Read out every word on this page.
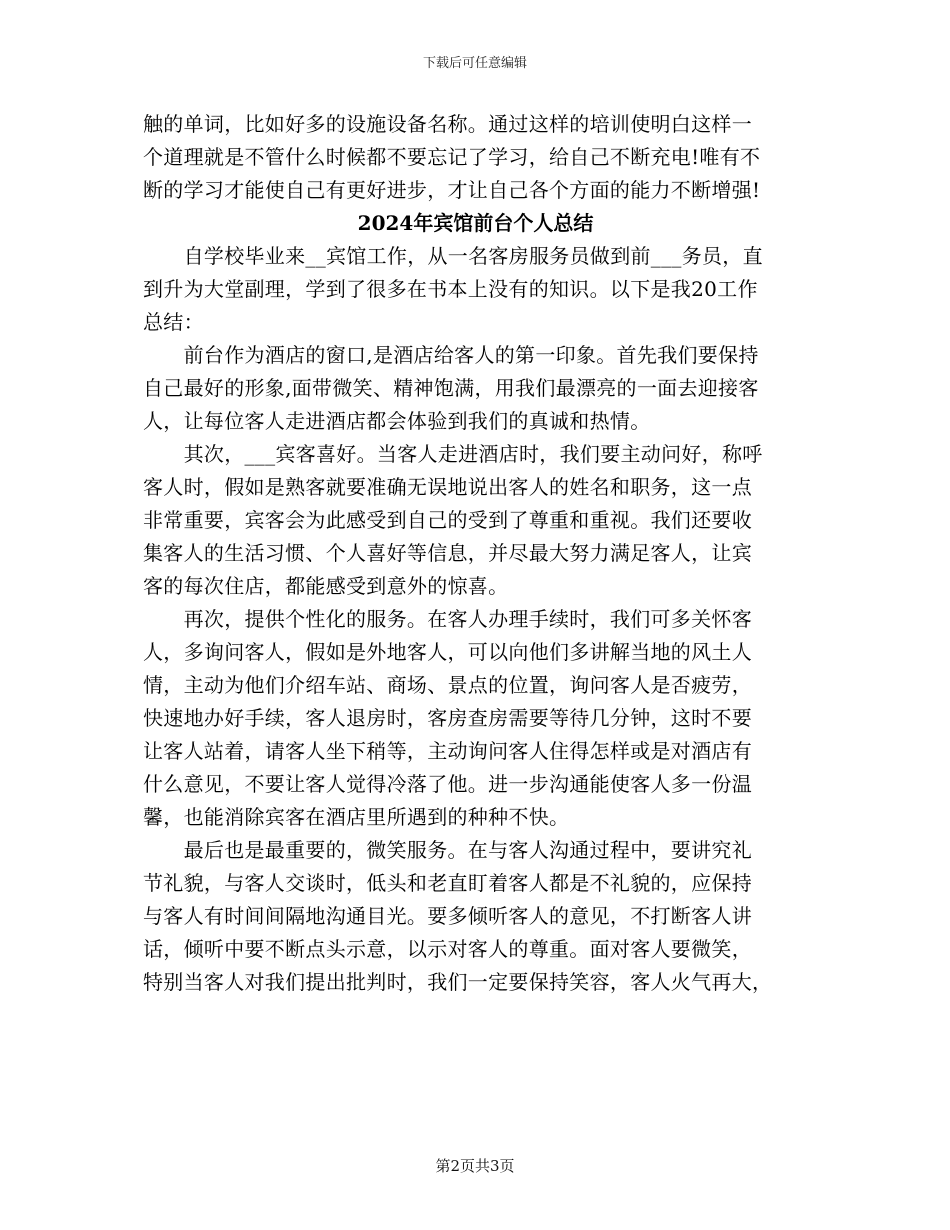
下载后可任意编辑
触的单词，比如好多的设施设备名称。通过这样的培训使明白这样一
个道理就是不管什么时候都不要忘记了学习，给自己不断充电!唯有不
断的学习才能使自己有更好进步，才让自己各个方面的能力不断增强!
2024年宾馆前台个人总结
　　自学校毕业来__宾馆工作，从一名客房服务员做到前___务员，直
到升为大堂副理，学到了很多在书本上没有的知识。以下是我20工作
总结：
　　前台作为酒店的窗口,是酒店给客人的第一印象。首先我们要保持
自己最好的形象,面带微笑、精神饱满，用我们最漂亮的一面去迎接客
人，让每位客人走进酒店都会体验到我们的真诚和热情。
　　其次，___宾客喜好。当客人走进酒店时，我们要主动问好，称呼
客人时，假如是熟客就要准确无误地说出客人的姓名和职务，这一点
非常重要，宾客会为此感受到自己的受到了尊重和重视。我们还要收
集客人的生活习惯、个人喜好等信息，并尽最大努力满足客人，让宾
客的每次住店，都能感受到意外的惊喜。
　　再次，提供个性化的服务。在客人办理手续时，我们可多关怀客
人，多询问客人，假如是外地客人，可以向他们多讲解当地的风土人
情，主动为他们介绍车站、商场、景点的位置，询问客人是否疲劳，
快速地办好手续，客人退房时，客房查房需要等待几分钟，这时不要
让客人站着，请客人坐下稍等，主动询问客人住得怎样或是对酒店有
什么意见，不要让客人觉得冷落了他。进一步沟通能使客人多一份温
馨，也能消除宾客在酒店里所遇到的种种不快。
　　最后也是最重要的，微笑服务。在与客人沟通过程中，要讲究礼
节礼貌，与客人交谈时，低头和老直盯着客人都是不礼貌的，应保持
与客人有时间间隔地沟通目光。要多倾听客人的意见，不打断客人讲
话，倾听中要不断点头示意，以示对客人的尊重。面对客人要微笑，
特别当客人对我们提出批判时，我们一定要保持笑容，客人火气再大，
第2页共3页
